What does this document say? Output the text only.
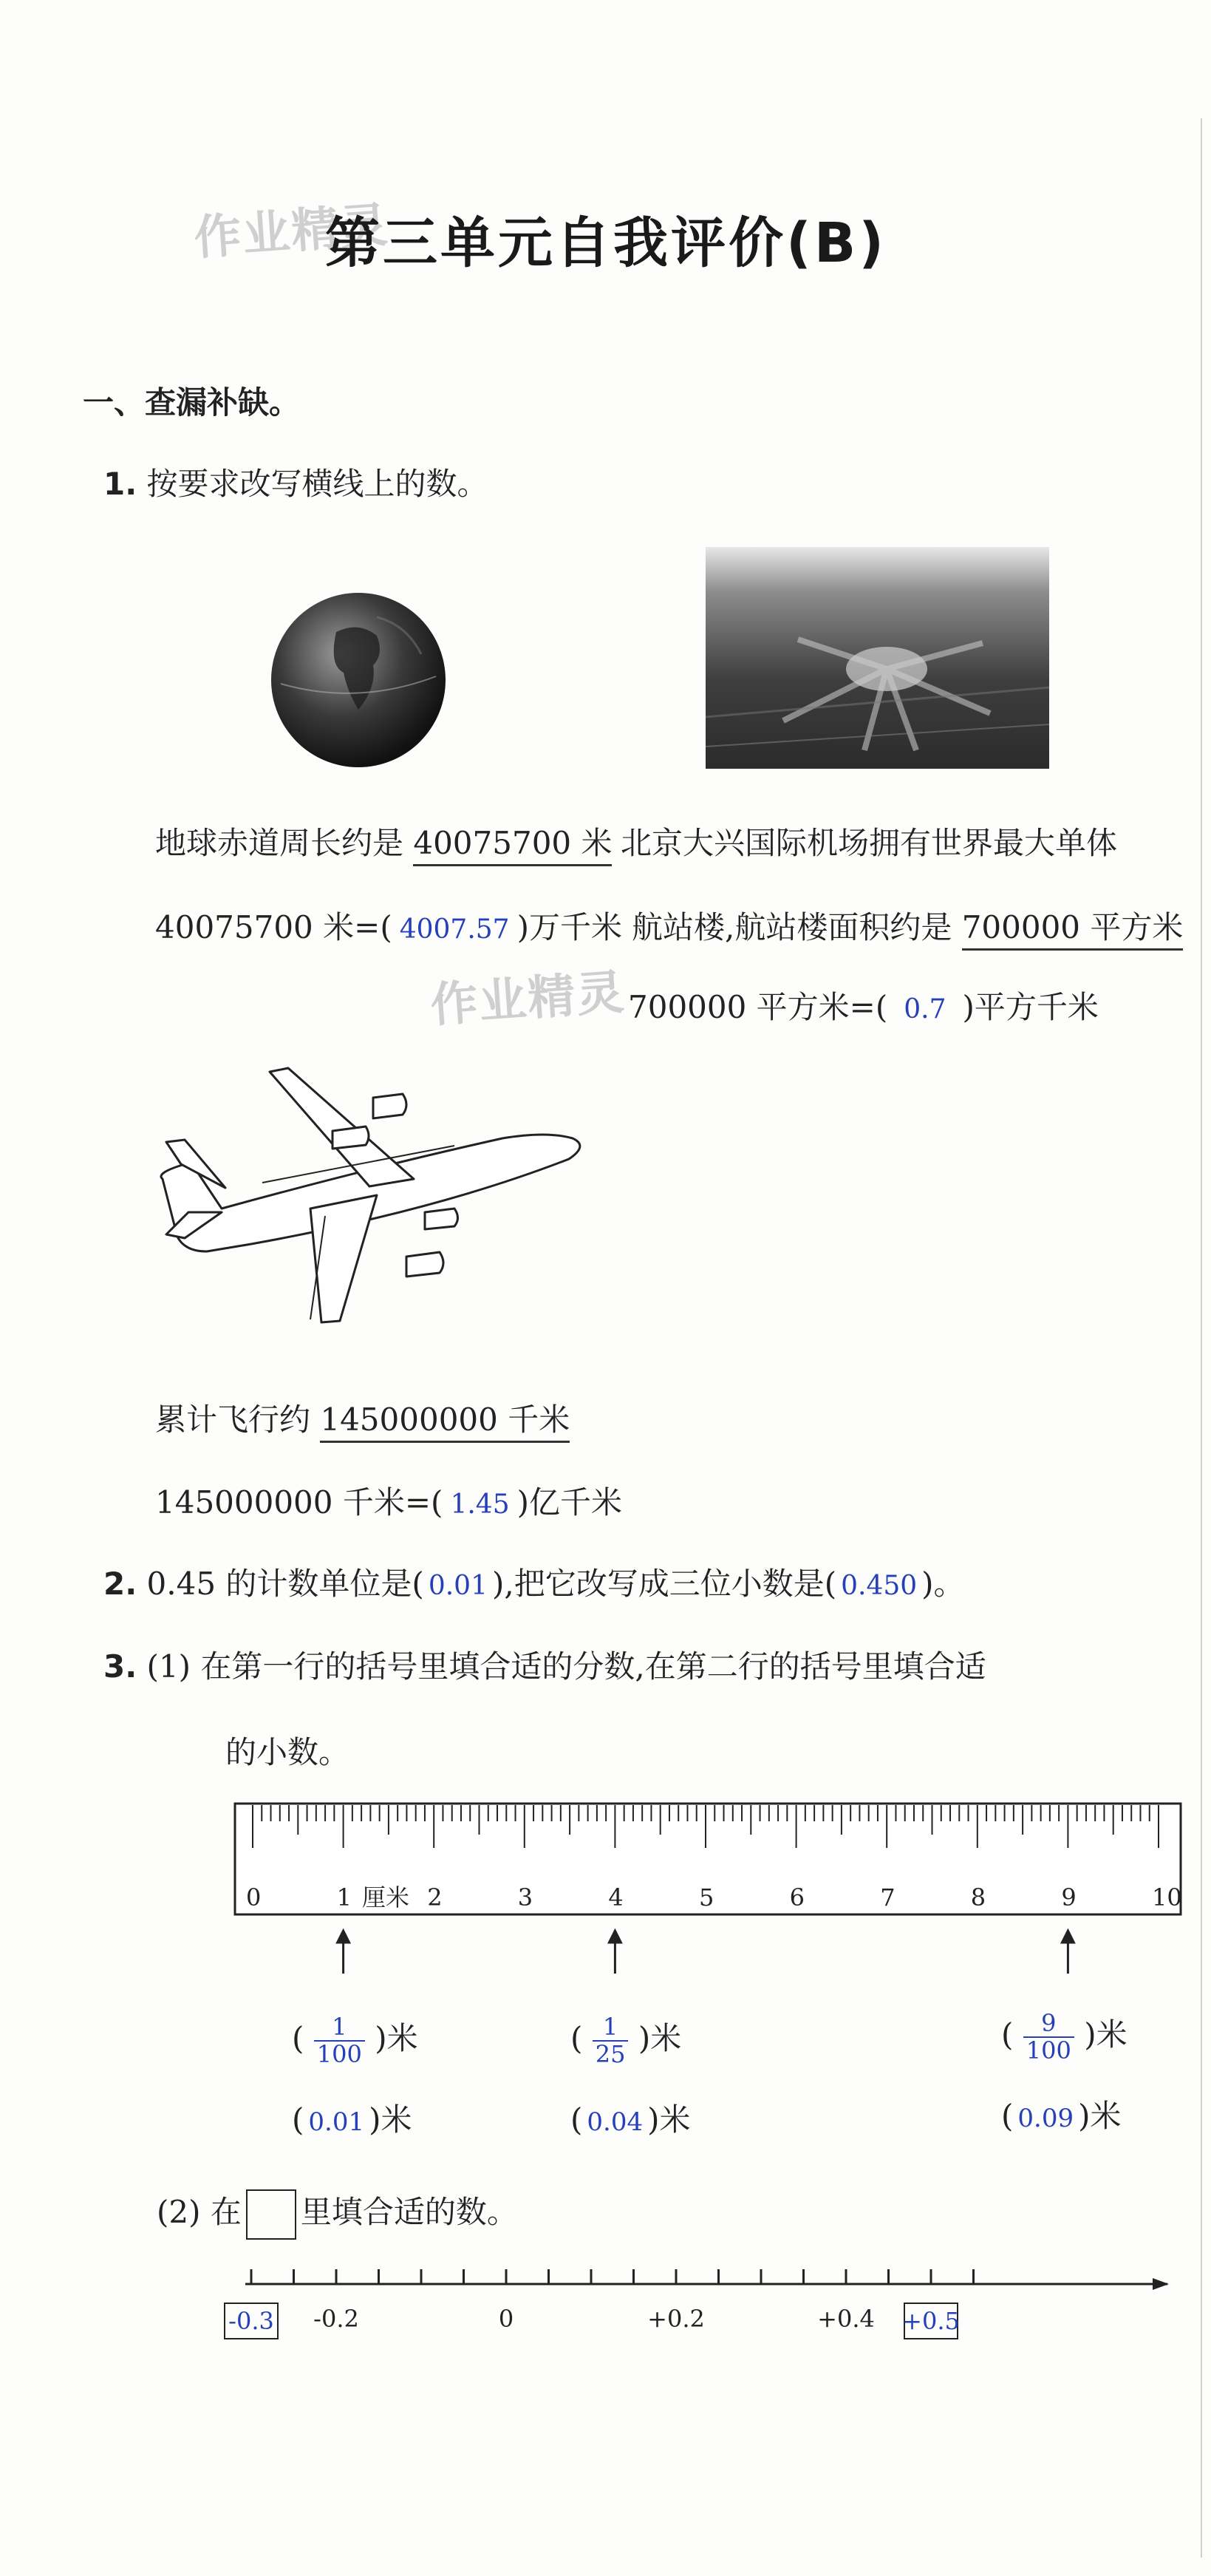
作业精灵
作业精灵
第三单元自我评价(B)
一、查漏补缺。
1. 按要求改写横线上的数。
地球赤道周长约是 40075700 米
40075700 米=( 4007.57 )万千米
北京大兴国际机场拥有世界最大单体
航站楼,航站楼面积约是 700000 平方米
700000 平方米=( 0.7 )平方千米
累计飞行约 145000000 千米
145000000 千米=( 1.45 )亿千米
2. 0.45 的计数单位是( 0.01 ),把它改写成三位小数是( 0.450 )。
3. (1) 在第一行的括号里填合适的分数,在第二行的括号里填合适
的小数。
0	1	2	3	4	5	6	7	8	9	10
厘米
( $\frac{1}{100}$ )米	( $\frac{1}{25}$ )米	( $\frac{9}{100}$ )米
( 0.01 )米	( 0.04 )米	( 0.09 )米
(2) 在 里填合适的数。
-0.2	0	+0.2	+0.4
-0.3	+0.5
